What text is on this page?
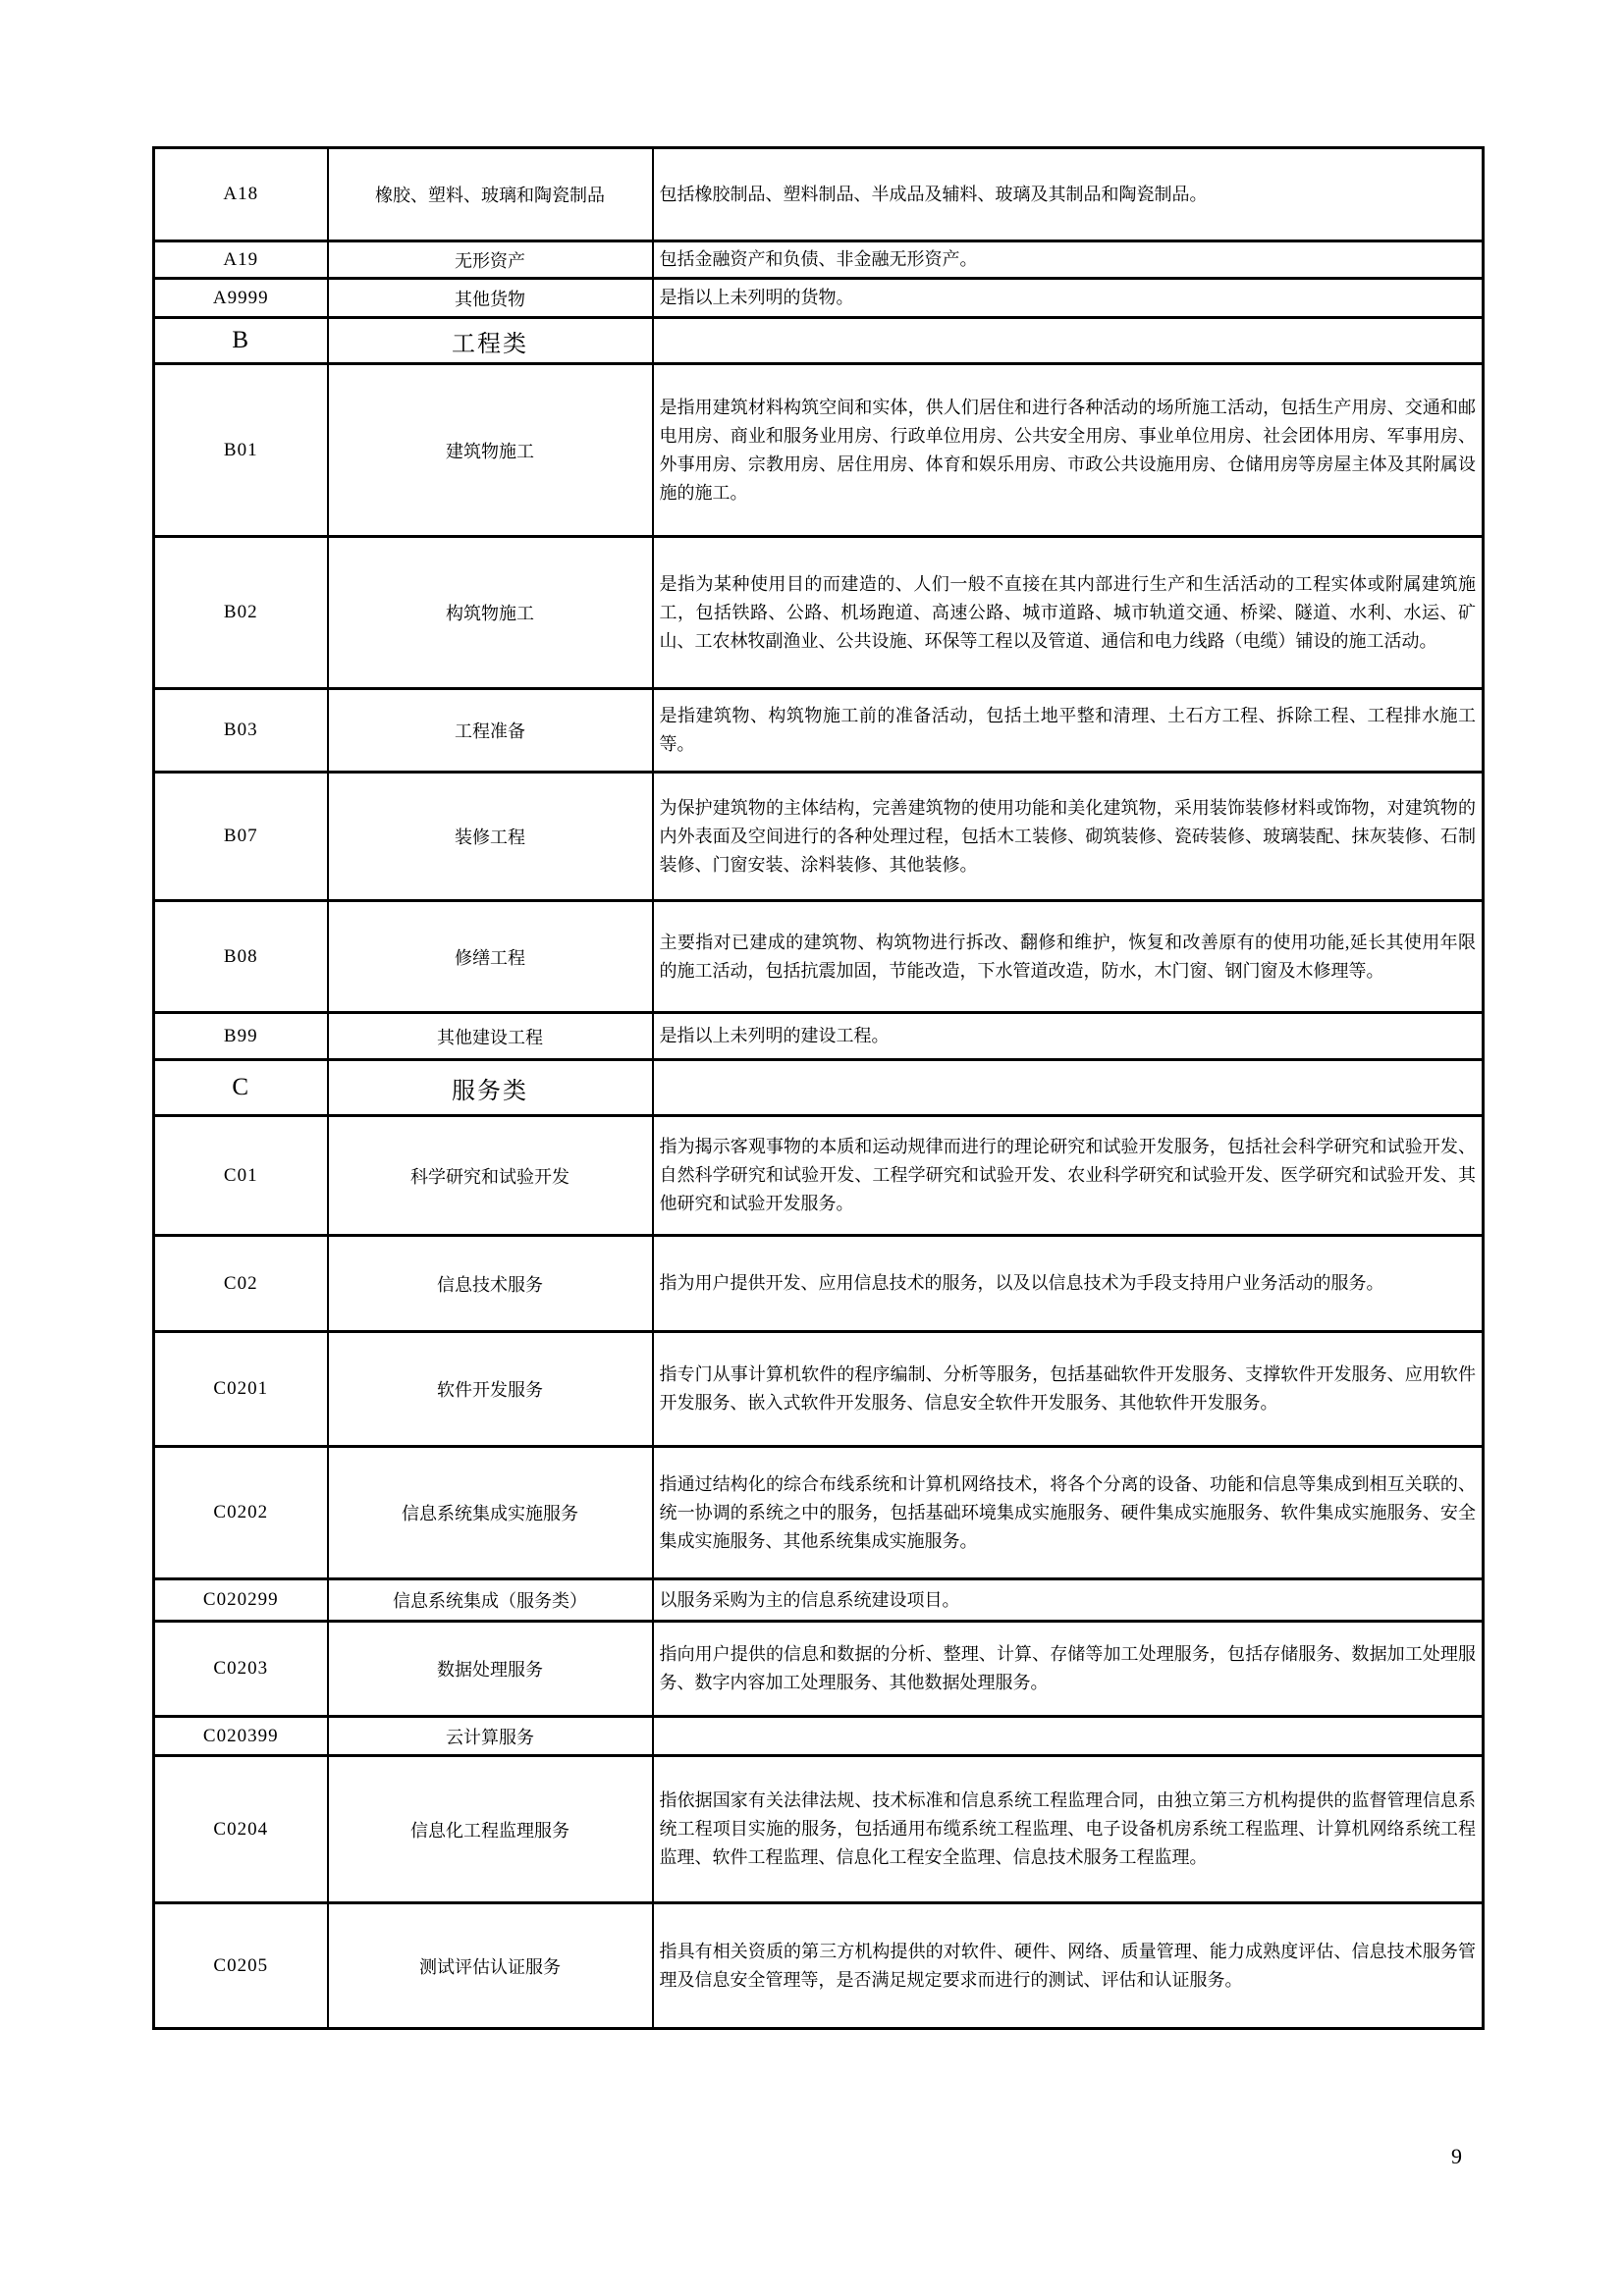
A18	橡胶、塑料、玻璃和陶瓷制品	包括橡胶制品、塑料制品、半成品及辅料、玻璃及其制品和陶瓷制品。
A19	无形资产	包括金融资产和负债、非金融无形资产。
A9999	其他货物	是指以上未列明的货物。
B	工程类	
B01	建筑物施工	是指用建筑材料构筑空间和实体，供人们居住和进行各种活动的场所施工活动，包括生产用房、交通和邮电用房、商业和服务业用房、行政单位用房、公共安全用房、事业单位用房、社会团体用房、军事用房、外事用房、宗教用房、居住用房、体育和娱乐用房、市政公共设施用房、仓储用房等房屋主体及其附属设施的施工。
B02	构筑物施工	是指为某种使用目的而建造的、人们一般不直接在其内部进行生产和生活活动的工程实体或附属建筑施工，包括铁路、公路、机场跑道、高速公路、城市道路、城市轨道交通、桥梁、隧道、水利、水运、矿山、工农林牧副渔业、公共设施、环保等工程以及管道、通信和电力线路（电缆）铺设的施工活动。
B03	工程准备	是指建筑物、构筑物施工前的准备活动，包括土地平整和清理、土石方工程、拆除工程、工程排水施工等。
B07	装修工程	为保护建筑物的主体结构，完善建筑物的使用功能和美化建筑物，采用装饰装修材料或饰物，对建筑物的内外表面及空间进行的各种处理过程，包括木工装修、砌筑装修、瓷砖装修、玻璃装配、抹灰装修、石制装修、门窗安装、涂料装修、其他装修。
B08	修缮工程	主要指对已建成的建筑物、构筑物进行拆改、翻修和维护，恢复和改善原有的使用功能,延长其使用年限的施工活动，包括抗震加固，节能改造，下水管道改造，防水，木门窗、钢门窗及木修理等。
B99	其他建设工程	是指以上未列明的建设工程。
C	服务类	
C01	科学研究和试验开发	指为揭示客观事物的本质和运动规律而进行的理论研究和试验开发服务，包括社会科学研究和试验开发、自然科学研究和试验开发、工程学研究和试验开发、农业科学研究和试验开发、医学研究和试验开发、其他研究和试验开发服务。
C02	信息技术服务	指为用户提供开发、应用信息技术的服务，以及以信息技术为手段支持用户业务活动的服务。
C0201	软件开发服务	指专门从事计算机软件的程序编制、分析等服务，包括基础软件开发服务、支撑软件开发服务、应用软件开发服务、嵌入式软件开发服务、信息安全软件开发服务、其他软件开发服务。
C0202	信息系统集成实施服务	指通过结构化的综合布线系统和计算机网络技术，将各个分离的设备、功能和信息等集成到相互关联的、统一协调的系统之中的服务，包括基础环境集成实施服务、硬件集成实施服务、软件集成实施服务、安全集成实施服务、其他系统集成实施服务。
C020299	信息系统集成（服务类）	以服务采购为主的信息系统建设项目。
C0203	数据处理服务	指向用户提供的信息和数据的分析、整理、计算、存储等加工处理服务，包括存储服务、数据加工处理服务、数字内容加工处理服务、其他数据处理服务。
C020399	云计算服务	
C0204	信息化工程监理服务	指依据国家有关法律法规、技术标准和信息系统工程监理合同，由独立第三方机构提供的监督管理信息系统工程项目实施的服务，包括通用布缆系统工程监理、电子设备机房系统工程监理、计算机网络系统工程监理、软件工程监理、信息化工程安全监理、信息技术服务工程监理。
C0205	测试评估认证服务	指具有相关资质的第三方机构提供的对软件、硬件、网络、质量管理、能力成熟度评估、信息技术服务管理及信息安全管理等，是否满足规定要求而进行的测试、评估和认证服务。
9
